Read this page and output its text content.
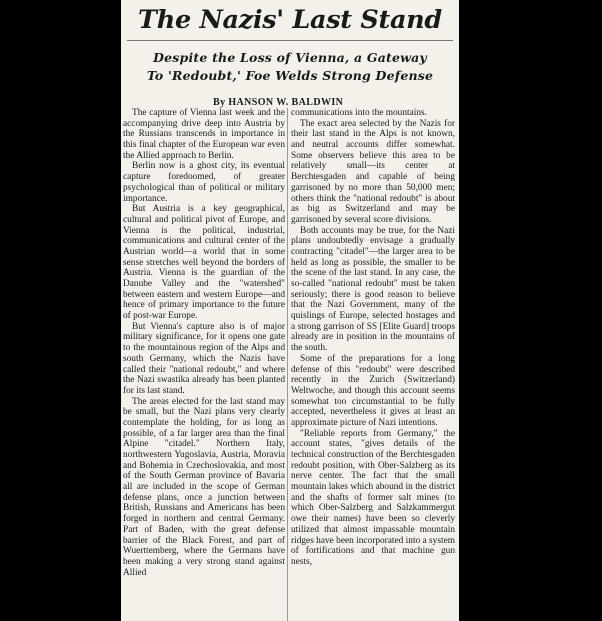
The Nazis' Last Stand
Despite the Loss of Vienna, a Gateway
To 'Redoubt,' Foe Welds Strong Defense
By HANSON W. BALDWIN

The capture of Vienna last week and the accompanying drive deep into Austria by the Russians transcends in importance in this final chapter of the European war even the Allied approach to Berlin.

Berlin now is a ghost city, its eventual capture foredoomed, of greater psychological than of political or military importance.

But Austria is a key geographical, cultural and political pivot of Europe, and Vienna is the political, industrial, communications and cultural center of the Austrian world—a world that in some sense stretches well beyond the borders of Austria. Vienna is the guardian of the Danube Valley and the "watershed" between eastern and western Europe—and hence of primary importance to the future of post-war Europe.

But Vienna's capture also is of major military significance, for it opens one gate to the mountainous region of the Alps and south Germany, which the Nazis have called their "national redoubt," and where the Nazi swastika already has been planted for its last stand.

The areas elected for the last stand may be small, but the Nazi plans very clearly contemplate the holding, for as long as possible, of a far larger area than the final Alpine "citadel." Northern Italy, northwestern Yugoslavia, Austria, Moravia and Bohemia in Czechoslovakia, and most of the South German province of Bavaria all are included in the scope of German defense plans, once a junction between British, Russians and Americans has been forged in northern and central Germany. Part of Baden, with the great defense barrier of the Black Forest, and part of Wuerttemberg, where the Germans have been making a very strong stand against Allied

communications into the mountains.

The exact area selected by the Nazis for their last stand in the Alps is not known, and neutral accounts differ somewhat. Some observers believe this area to be relatively small—its center at Berchtesgaden and capable of being garrisoned by no more than 50,000 men; others think the "national redoubt" is about as big as Switzerland and may be garrisoned by several score divisions.

Both accounts may be true, for the Nazi plans undoubtedly envisage a gradually contracting "citadel"—the larger area to be held as long as possible, the smaller to be the scene of the last stand. In any case, the so-called "national redoubt" must be taken seriously; there is good reason to believe that the Nazi Government, many of the quislings of Europe, selected hostages and a strong garrison of SS [Elite Guard] troops already are in position in the mountains of the south.

Some of the preparations for a long defense of this "redoubt" were described recently in the Zurich (Switzerland) Weltwoche, and though this account seems somewhat too circumstantial to be fully accepted, nevertheless it gives at least an approximate picture of Nazi intentions.

"Reliable reports from Germany," the account states, "gives details of the technical construction of the Berchtesgaden redoubt position, with Ober-Salzberg as its nerve center. The fact that the small mountain lakes which abound in the district and the shafts of former salt mines (to which Ober-Salzberg and Salzkammergut owe their names) have been so cleverly utilized that almost impassable mountain ridges have been incorporated into a system of fortifications and that machine gun nests,
